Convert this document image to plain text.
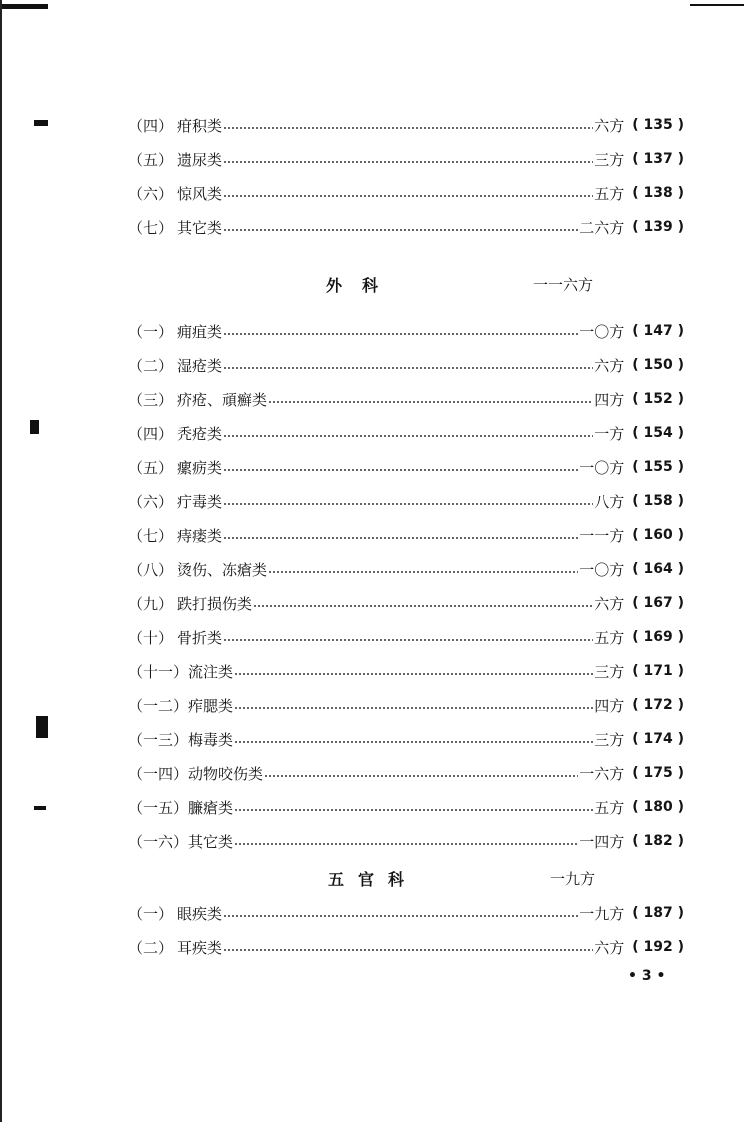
（四） 疳积类	六方 ( 135 )
（五） 遗尿类	三方 ( 137 )
（六） 惊风类	五方 ( 138 )
（七） 其它类	二六方 ( 139 )
外科	一一六方
（一） 痈疽类	一〇方 ( 147 )
（二） 湿疮类	六方 ( 150 )
（三） 疥疮、頑癬类	四方 ( 152 )
（四） 秃疮类	一方 ( 154 )
（五） 瘰疬类	一〇方 ( 155 )
（六） 疔毒类	八方 ( 158 )
（七） 痔瘘类	一一方 ( 160 )
（八） 烫伤、冻瘡类	一〇方 ( 164 )
（九） 跌打损伤类	六方 ( 167 )
（十） 骨折类	五方 ( 169 )
（十一） 流注类	三方 ( 171 )
（一二） 痄腮类	四方 ( 172 )
（一三） 梅毒类	三方 ( 174 )
（一四） 动物咬伤类	一六方 ( 175 )
（一五） 臁瘡类	五方 ( 180 )
（一六） 其它类	一四方 ( 182 )
五官科	一九方
（一） 眼疾类	一九方 ( 187 )
（二） 耳疾类	六方 ( 192 )
• 3 •
